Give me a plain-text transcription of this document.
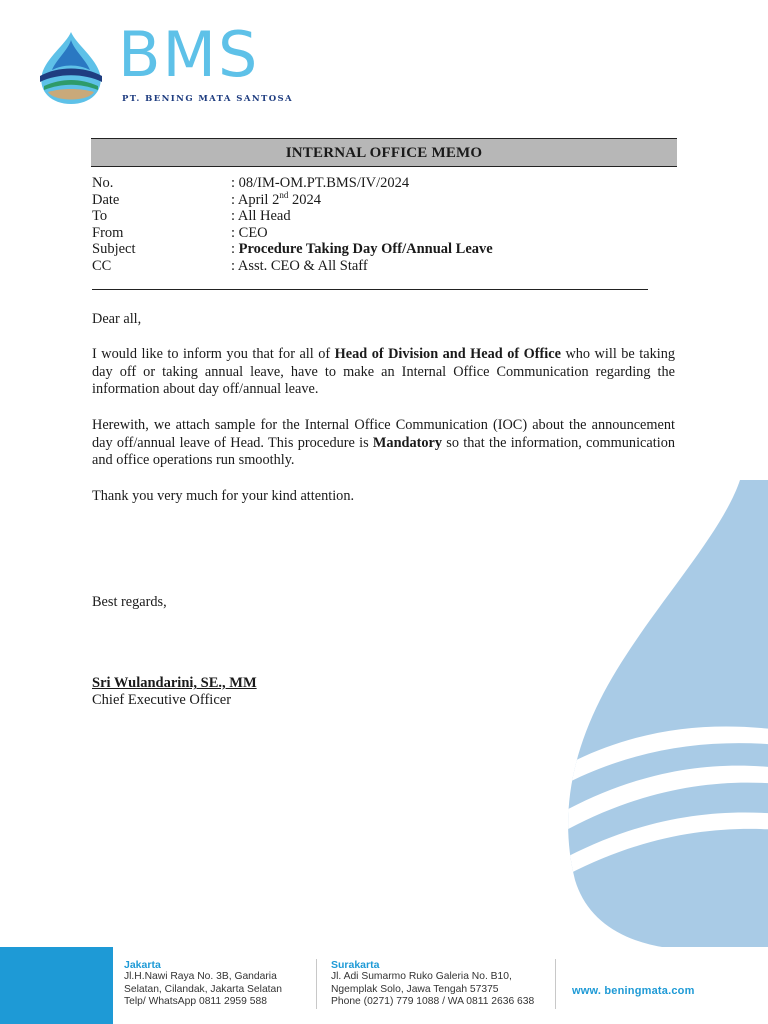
BMS
PT. BENING MATA SANTOSA
INTERNAL OFFICE MEMO
No.	: 08/IM-OM.PT.BMS/IV/2024
Date	: April 2nd 2024
To	: All Head
From	: CEO
Subject	: Procedure Taking Day Off/Annual Leave
CC	: Asst. CEO & All Staff
Dear all,
I would like to inform you that for all of Head of Division and Head of Office who will be taking day off or taking annual leave, have to make an Internal Office Communication regarding the information about day off/annual leave.
Herewith, we attach sample for the Internal Office Communication (IOC) about the announcement day off/annual leave of Head. This procedure is Mandatory so that the information, communication and office operations run smoothly.
Thank you very much for your kind attention.
Best regards,
Sri Wulandarini, SE., MM
Chief Executive Officer
Jakarta
Jl.H.Nawi Raya No. 3B, Gandaria
Selatan, Cilandak, Jakarta Selatan
Telp/ WhatsApp 0811 2959 588
Surakarta
Jl. Adi Sumarmo Ruko Galeria No. B10,
Ngemplak Solo, Jawa Tengah 57375
Phone (0271) 779 1088 / WA 0811 2636 638
www. beningmata.com
